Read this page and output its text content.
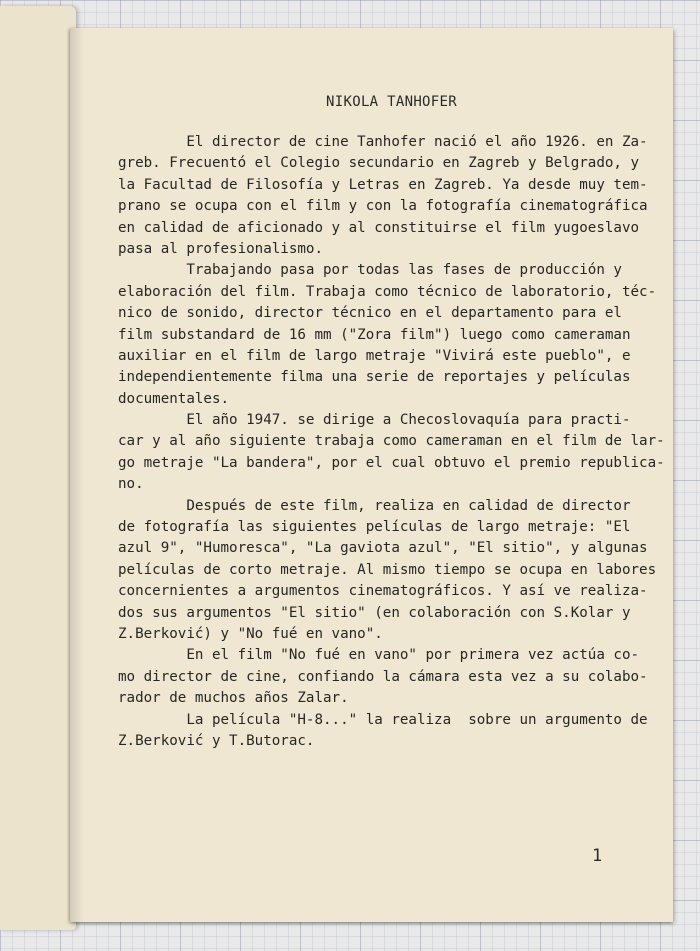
NIKOLA TANHOFER
El director de cine Tanhofer nació el año 1926. en Za-
greb. Frecuentó el Colegio secundario en Zagreb y Belgrado, y
la Facultad de Filosofía y Letras en Zagreb. Ya desde muy tem-
prano se ocupa con el film y con la fotografía cinematográfica
en calidad de aficionado y al constituirse el film yugoeslavo
pasa al profesionalismo.
Trabajando pasa por todas las fases de producción y
elaboración del film. Trabaja como técnico de laboratorio, téc-
nico de sonido, director técnico en el departamento para el
film substandard de 16 mm ("Zora film") luego como cameraman
auxiliar en el film de largo metraje "Vivirá este pueblo", e
independientemente filma una serie de reportajes y películas
documentales.
El año 1947. se dirige a Checoslovaquía para practi-
car y al año siguiente trabaja como cameraman en el film de lar-
go metraje "La bandera", por el cual obtuvo el premio republica-
no.
Después de este film, realiza en calidad de director
de fotografía las siguientes películas de largo metraje: "El
azul 9", "Humoresca", "La gaviota azul", "El sitio", y algunas
películas de corto metraje. Al mismo tiempo se ocupa en labores
concernientes a argumentos cinematográficos. Y así ve realiza-
dos sus argumentos "El sitio" (en colaboración con S.Kolar y
Z.Berković) y "No fué en vano".
En el film "No fué en vano" por primera vez actúa co-
mo director de cine, confiando la cámara esta vez a su colabo-
rador de muchos años Zalar.
La película "H-8..." la realiza  sobre un argumento de
Z.Berković y T.Butorac.
1
